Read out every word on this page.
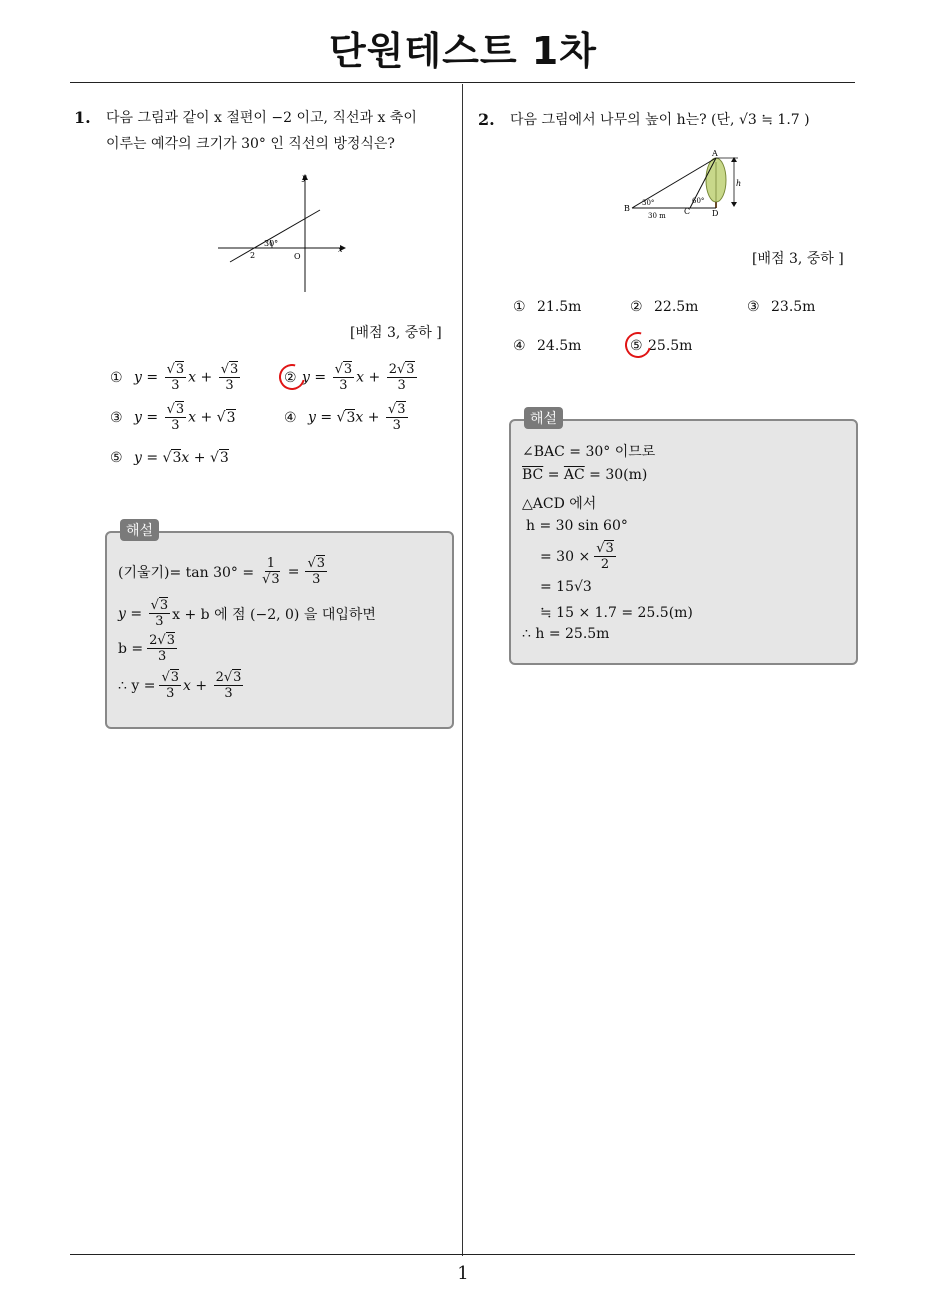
단원테스트 1차
1. 다음 그림과 같이 x 절편이 −2 이고, 직선과 x 축이
이루는 예각의 크기가 30° 인 직선의 방정식은?
y
x
30°
2	O
[배점 3, 중하 ]
① $y = \frac{√3}{3}$ $x + \frac{√3}{3}$	② $y = \frac{√3}{3}$ $x + \frac{2√3}{3}$
③ $y = \frac{√3}{3}$ x + √3	④ $y = √3x + \frac{√3}{3}$
⑤ y = √3x + √3
해설
(기울기)= $\tan 30^\circ = \frac{1}{√3} = \frac{√3}{3}$
$y = \frac{√3}{3}$ x + b 에 점 (−2, 0) 을 대입하면
$b = \frac{2√3}{3}$
∴ $y = \frac{√3}{3}$ $x + \frac{2√3}{3}$
2. 다음 그림에서 나무의 높이 h는? (단, √3 ≒ 1.7 )
A
B	C	D
h
30°	60°
30 m
[배점 3, 중하 ]
① 21.5m	② 22.5m	③ 23.5m
④ 24.5m	⑤ 25.5m
해설
∠BAC = 30° 이므로
$\overline{BC} = \overline{AC} = 30(m)$
△ACD 에서
h = 30 sin 60°
= $30 \times \frac{√3}{2}$
= 15√3
≒ 15 × 1.7 = 25.5(m)
∴ h = 25.5m
1
